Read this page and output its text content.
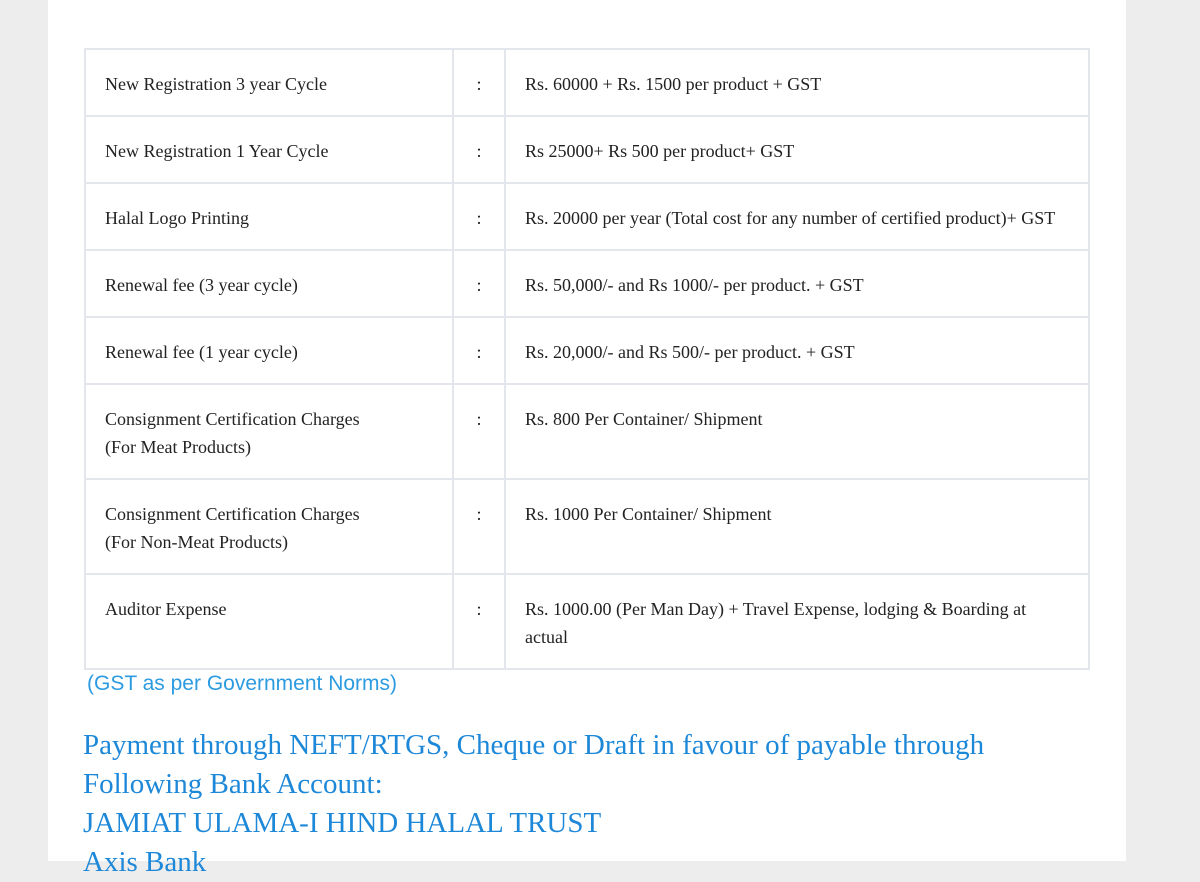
New Registration 3 year Cycle	:	Rs. 60000 + Rs. 1500 per product + GST
New Registration 1 Year Cycle	:	Rs 25000+ Rs 500 per product+ GST
Halal Logo Printing	:	Rs. 20000 per year (Total cost for any number of certified product)+ GST
Renewal fee (3 year cycle)	:	Rs. 50,000/- and Rs 1000/- per product. + GST
Renewal fee (1 year cycle)	:	Rs. 20,000/- and Rs 500/- per product. + GST

Consignment Certification Charges
(For Meat Products)	:	Rs. 800 Per Container/ Shipment

Consignment Certification Charges
(For Non-Meat Products)	:	Rs. 1000 Per Container/ Shipment
Auditor Expense	:	Rs. 1000.00 (Per Man Day) + Travel Expense, lodging & Boarding at actual

(GST as per Government Norms)

Payment through NEFT/RTGS, Cheque or Draft in favour of payable through
Following Bank Account:
JAMIAT ULAMA-I HIND HALAL TRUST
Axis Bank
